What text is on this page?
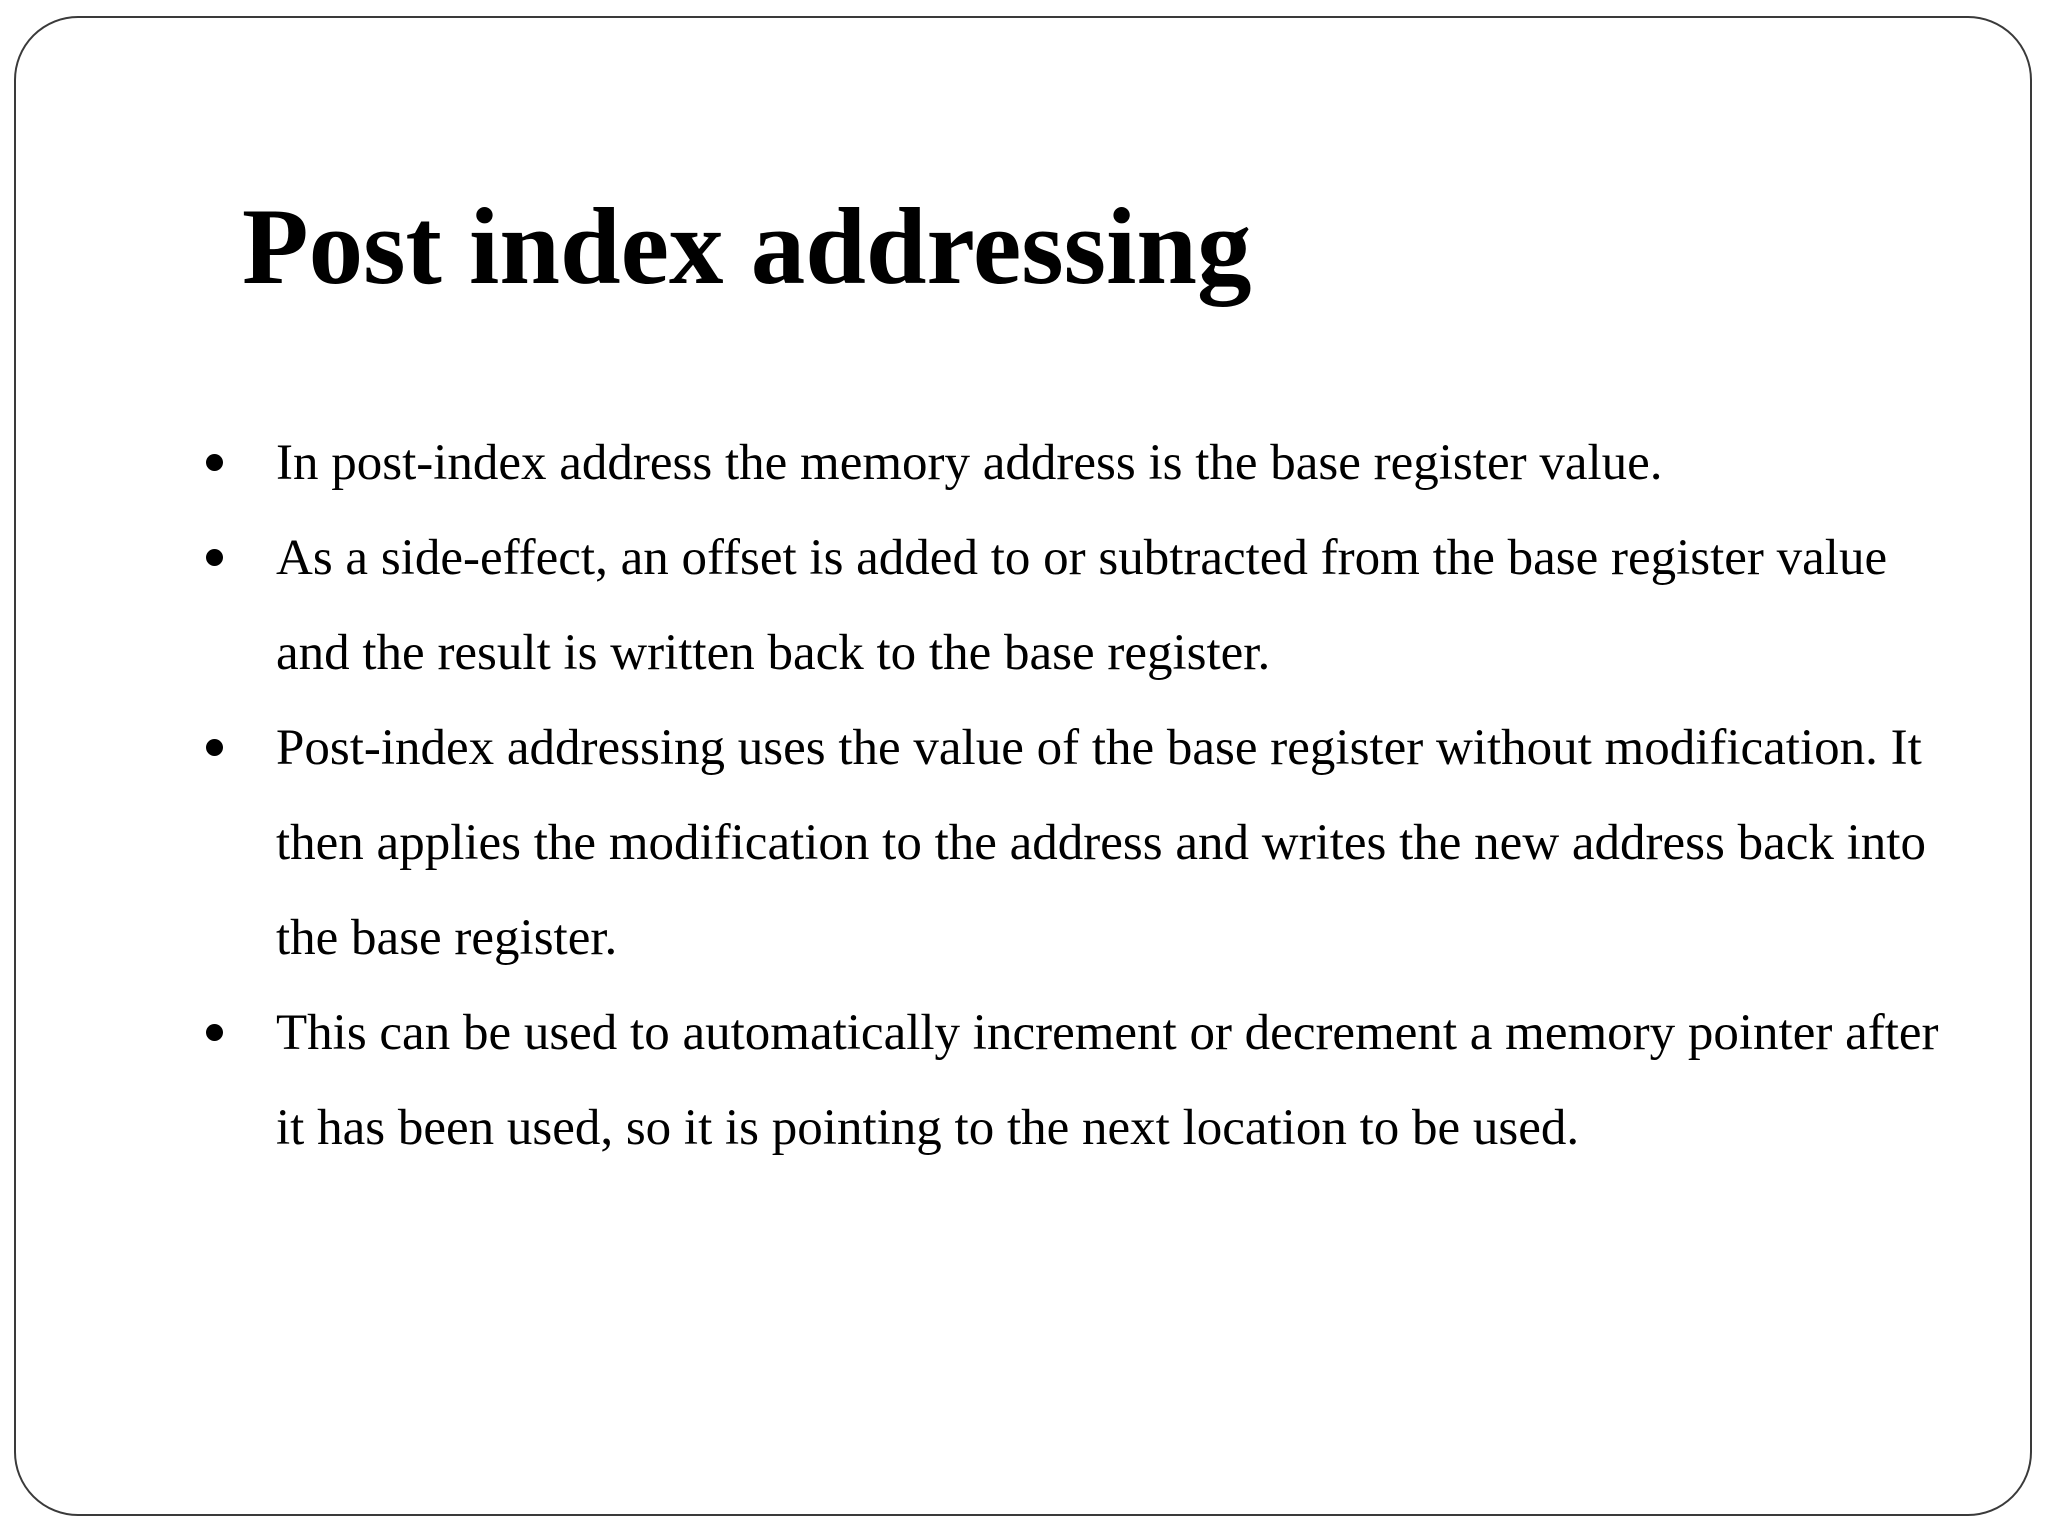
Post index addressing
In post-index address the memory address is the base register value.
As a side-effect, an offset is added to or subtracted from the base register value and the result is written back to the base register.
Post-index addressing uses the value of the base register without modification. It then applies the modification to the address and writes the new address back into the base register.
This can be used to automatically increment or decrement a memory pointer after it has been used, so it is pointing to the next location to be used.
